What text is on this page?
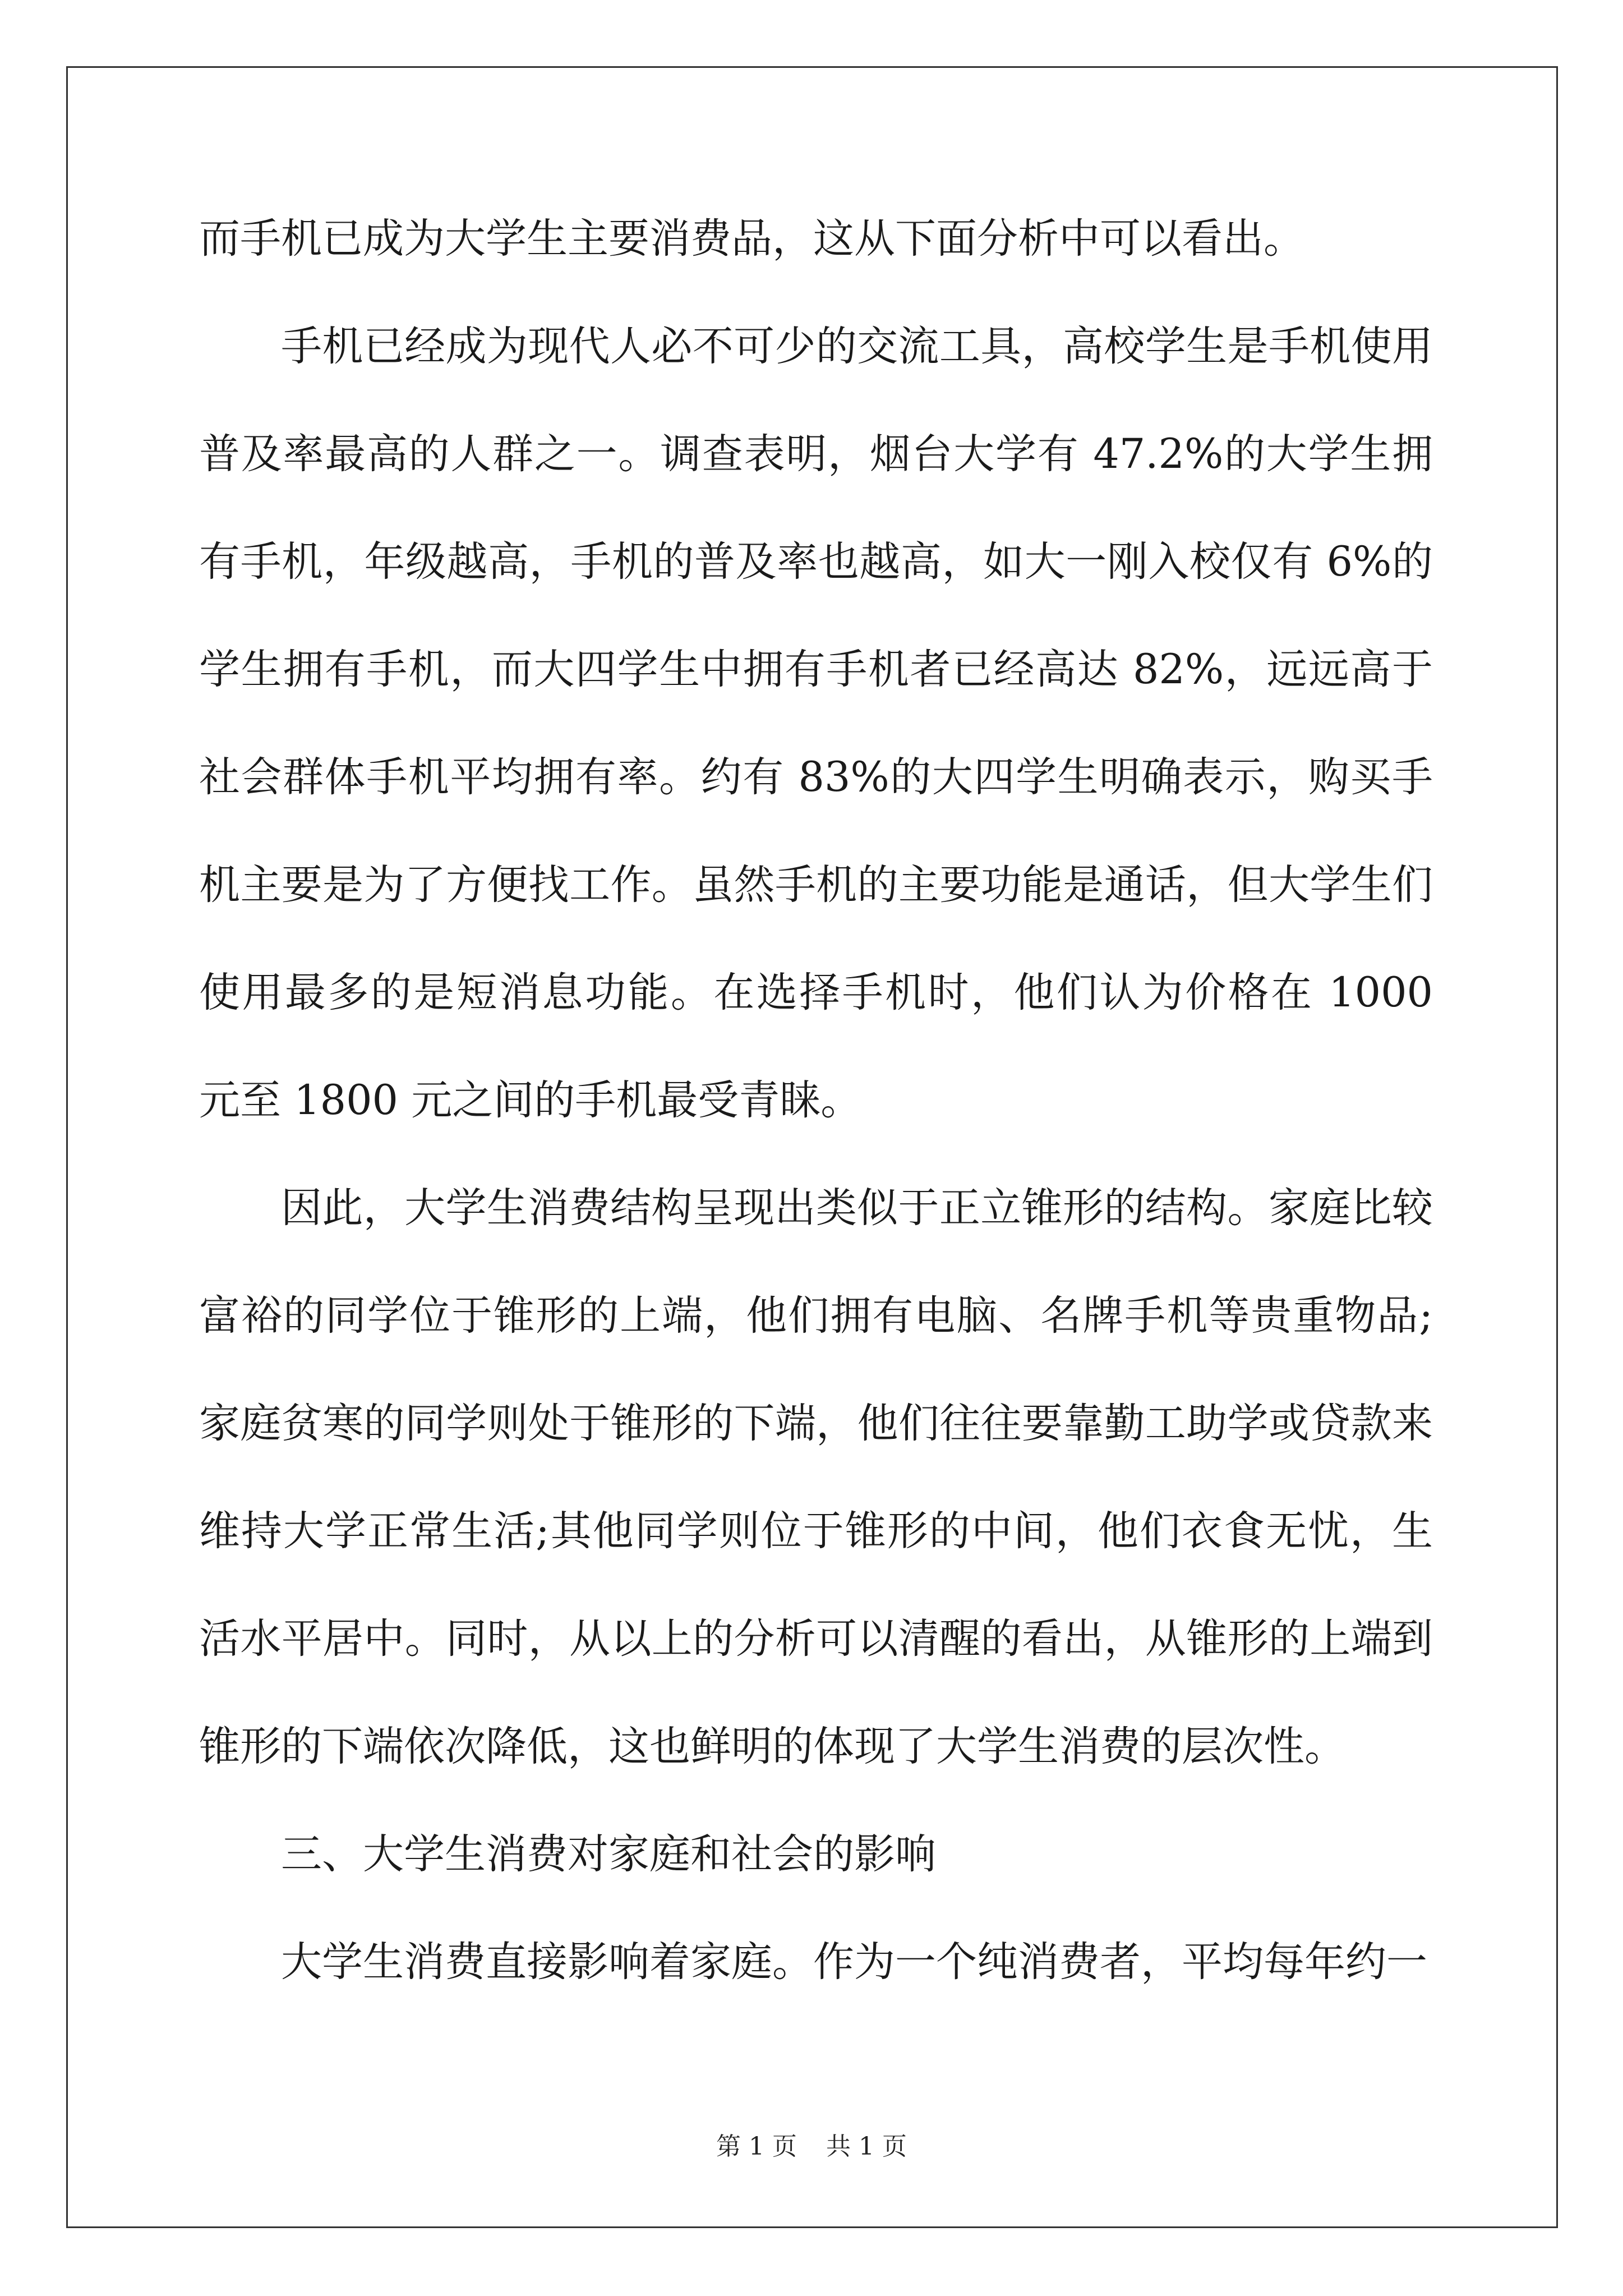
而手机已成为大学生主要消费品，这从下面分析中可以看出。

手机已经成为现代人必不可少的交流工具，高校学生是手机使用普及率最高的人群之一。调查表明，烟台大学有 47.2%的大学生拥有手机，年级越高，手机的普及率也越高，如大一刚入校仅有 6%的学生拥有手机，而大四学生中拥有手机者已经高达 82%，远远高于社会群体手机平均拥有率。约有 83%的大四学生明确表示，购买手机主要是为了方便找工作。虽然手机的主要功能是通话，但大学生们使用最多的是短消息功能。在选择手机时，他们认为价格在 1000 元至 1800 元之间的手机最受青睐。

因此，大学生消费结构呈现出类似于正立锥形的结构。家庭比较富裕的同学位于锥形的上端，他们拥有电脑、名牌手机等贵重物品;家庭贫寒的同学则处于锥形的下端，他们往往要靠勤工助学或贷款来维持大学正常生活;其他同学则位于锥形的中间，他们衣食无忧，生活水平居中。同时，从以上的分析可以清醒的看出，从锥形的上端到锥形的下端依次降低，这也鲜明的体现了大学生消费的层次性。

三、大学生消费对家庭和社会的影响

大学生消费直接影响着家庭。作为一个纯消费者，平均每年约一

第 1 页 共 1 页
